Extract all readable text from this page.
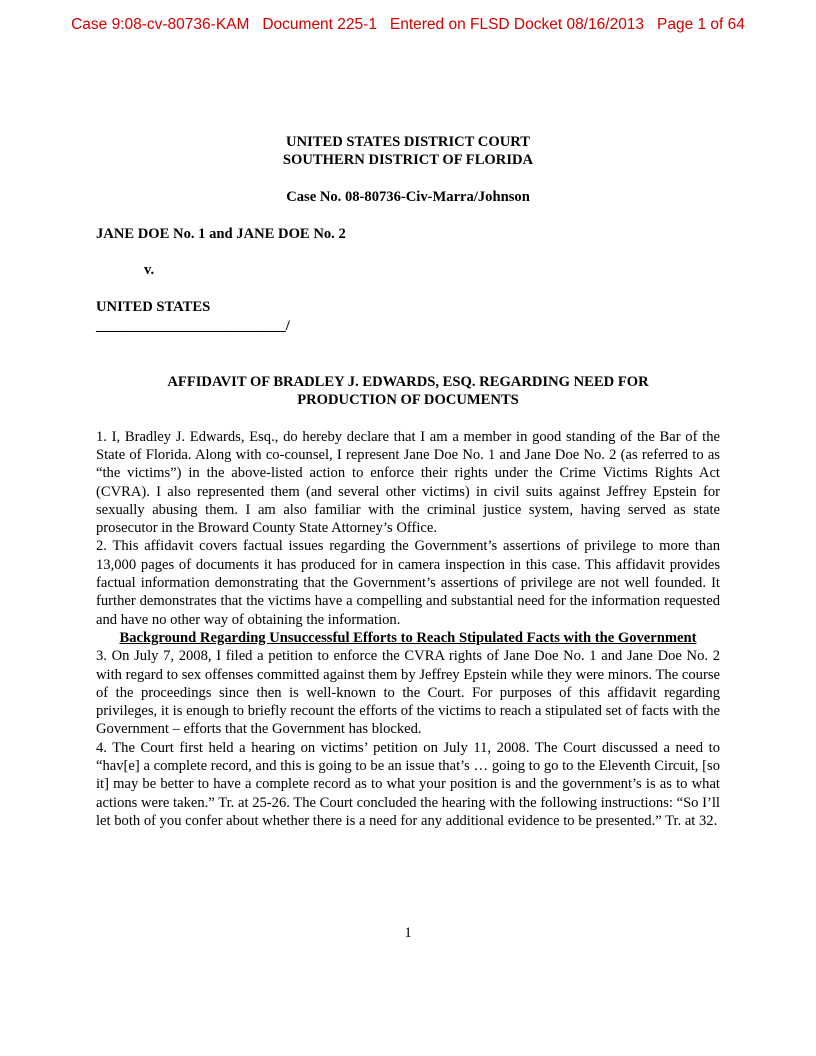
Case 9:08-cv-80736-KAM Document 225-1 Entered on FLSD Docket 08/16/2013 Page 1 of 64
UNITED STATES DISTRICT COURT
SOUTHERN DISTRICT OF FLORIDA
Case No. 08-80736-Civ-Marra/Johnson
JANE DOE No. 1 and JANE DOE No. 2
v.
UNITED STATES
__________________________/
AFFIDAVIT OF BRADLEY J. EDWARDS, ESQ. REGARDING NEED FOR
PRODUCTION OF DOCUMENTS

1. I, Bradley J. Edwards, Esq., do hereby declare that I am a member in good standing of the Bar of the State of Florida. Along with co-counsel, I represent Jane Doe No. 1 and Jane Doe No. 2 (as referred to as “the victims”) in the above-listed action to enforce their rights under the Crime Victims Rights Act (CVRA). I also represented them (and several other victims) in civil suits against Jeffrey Epstein for sexually abusing them. I am also familiar with the criminal justice system, having served as state prosecutor in the Broward County State Attorney’s Office.

2. This affidavit covers factual issues regarding the Government’s assertions of privilege to more than 13,000 pages of documents it has produced for in camera inspection in this case. This affidavit provides factual information demonstrating that the Government’s assertions of privilege are not well founded. It further demonstrates that the victims have a compelling and substantial need for the information requested and have no other way of obtaining the information.

Background Regarding Unsuccessful Efforts to Reach Stipulated Facts with the Government

3. On July 7, 2008, I filed a petition to enforce the CVRA rights of Jane Doe No. 1 and Jane Doe No. 2 with regard to sex offenses committed against them by Jeffrey Epstein while they were minors. The course of the proceedings since then is well-known to the Court. For purposes of this affidavit regarding privileges, it is enough to briefly recount the efforts of the victims to reach a stipulated set of facts with the Government – efforts that the Government has blocked.

4. The Court first held a hearing on victims’ petition on July 11, 2008. The Court discussed a need to “hav[e] a complete record, and this is going to be an issue that’s … going to go to the Eleventh Circuit, [so it] may be better to have a complete record as to what your position is and the government’s is as to what actions were taken.” Tr. at 25-26. The Court concluded the hearing with the following instructions: “So I’ll let both of you confer about whether there is a need for any additional evidence to be presented.” Tr. at 32.

1
